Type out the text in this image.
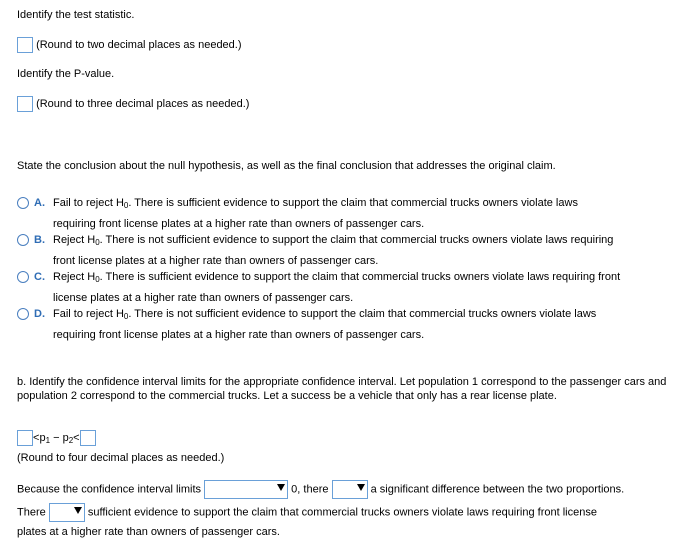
Identify the test statistic.
(Round to two decimal places as needed.)
Identify the P-value.
(Round to three decimal places as needed.)
State the conclusion about the null hypothesis, as well as the final conclusion that addresses the original claim.
A. Fail to reject $H_0$. There is sufficient evidence to support the claim that commercial trucks owners violate laws
requiring front license plates at a higher rate than owners of passenger cars.
B. Reject $H_0$. There is not sufficient evidence to support the claim that commercial trucks owners violate laws requiring
front license plates at a higher rate than owners of passenger cars.
C. Reject $H_0$. There is sufficient evidence to support the claim that commercial trucks owners violate laws requiring front
license plates at a higher rate than owners of passenger cars.
D. Fail to reject $H_0$. There is not sufficient evidence to support the claim that commercial trucks owners violate laws
requiring front license plates at a higher rate than owners of passenger cars.
b. Identify the confidence interval limits for the appropriate confidence interval. Let population 1 correspond to the passenger cars and population 2 correspond to the commercial trucks. Let a success be a vehicle that only has a rear license plate.
$<p_1 - p_2<$
(Round to four decimal places as needed.)
Because the confidence interval limits	0, there	a significant difference between the two proportions.
There	sufficient evidence to support the claim that commercial trucks owners violate laws requiring front license
plates at a higher rate than owners of passenger cars.
